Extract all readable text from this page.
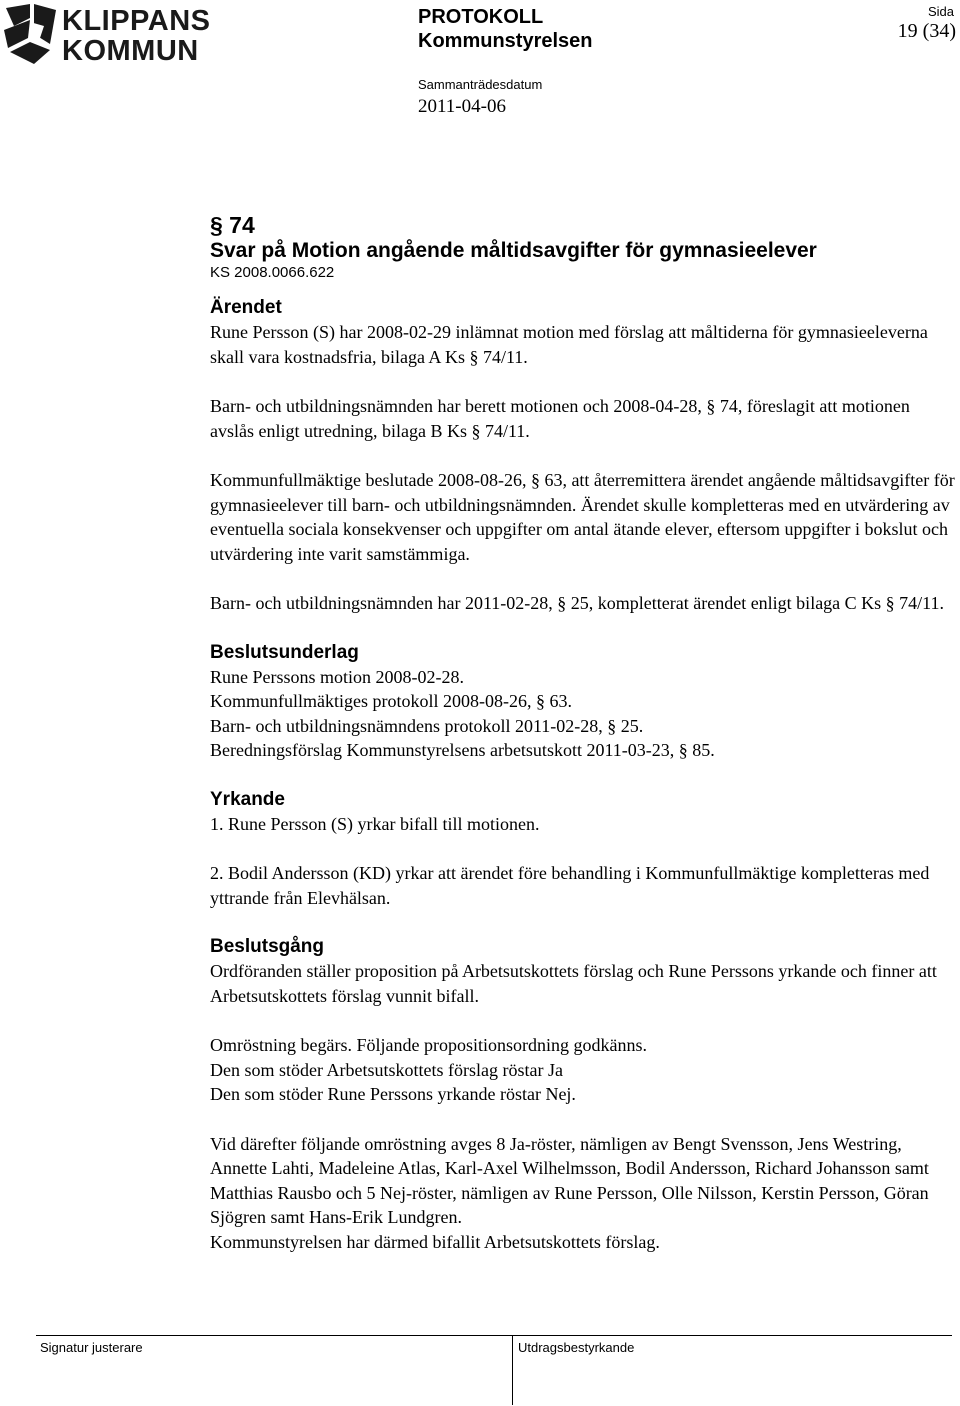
KLIPPANS
KOMMUN
PROTOKOLL
Kommunstyrelsen
Sida
19 (34)
Sammanträdesdatum
2011-04-06
§ 74
Svar på Motion angående måltidsavgifter för gymnasieelever
KS 2008.0066.622
Ärendet

Rune Persson (S) har 2008-02-29 inlämnat motion med förslag att måltiderna för gymnasieeleverna skall vara kostnadsfria, bilaga A Ks § 74/11.

Barn- och utbildningsnämnden har berett motionen och 2008-04-28, § 74, föreslagit att motionen avslås enligt utredning, bilaga B Ks § 74/11.

Kommunfullmäktige beslutade 2008-08-26, § 63, att återremittera ärendet angående måltidsavgifter för gymnasieelever till barn- och utbildningsnämnden. Ärendet skulle kompletteras med en utvärdering av eventuella sociala konsekvenser och uppgifter om antal ätande elever, eftersom uppgifter i bokslut och utvärdering inte varit samstämmiga.

Barn- och utbildningsnämnden har 2011-02-28, § 25, kompletterat ärendet enligt bilaga C Ks § 74/11.

Beslutsunderlag

Rune Perssons motion 2008-02-28.

Kommunfullmäktiges protokoll 2008-08-26, § 63.

Barn- och utbildningsnämndens protokoll 2011-02-28, § 25.

Beredningsförslag Kommunstyrelsens arbetsutskott 2011-03-23, § 85.

Yrkande

1. Rune Persson (S) yrkar bifall till motionen.

2. Bodil Andersson (KD) yrkar att ärendet före behandling i Kommunfullmäktige kompletteras med yttrande från Elevhälsan.

Beslutsgång

Ordföranden ställer proposition på Arbetsutskottets förslag och Rune Perssons yrkande och finner att Arbetsutskottets förslag vunnit bifall.

Omröstning begärs. Följande propositionsordning godkänns.

Den som stöder Arbetsutskottets förslag röstar Ja

Den som stöder Rune Perssons yrkande röstar Nej.

Vid därefter följande omröstning avges 8 Ja-röster, nämligen av Bengt Svensson, Jens Westring, Annette Lahti, Madeleine Atlas, Karl-Axel Wilhelmsson, Bodil Andersson, Richard Johansson samt Matthias Rausbo och 5 Nej-röster, nämligen av Rune Persson, Olle Nilsson, Kerstin Persson, Göran Sjögren samt Hans-Erik Lundgren.

Kommunstyrelsen har därmed bifallit Arbetsutskottets förslag.

Signatur justerare	Utdragsbestyrkande
